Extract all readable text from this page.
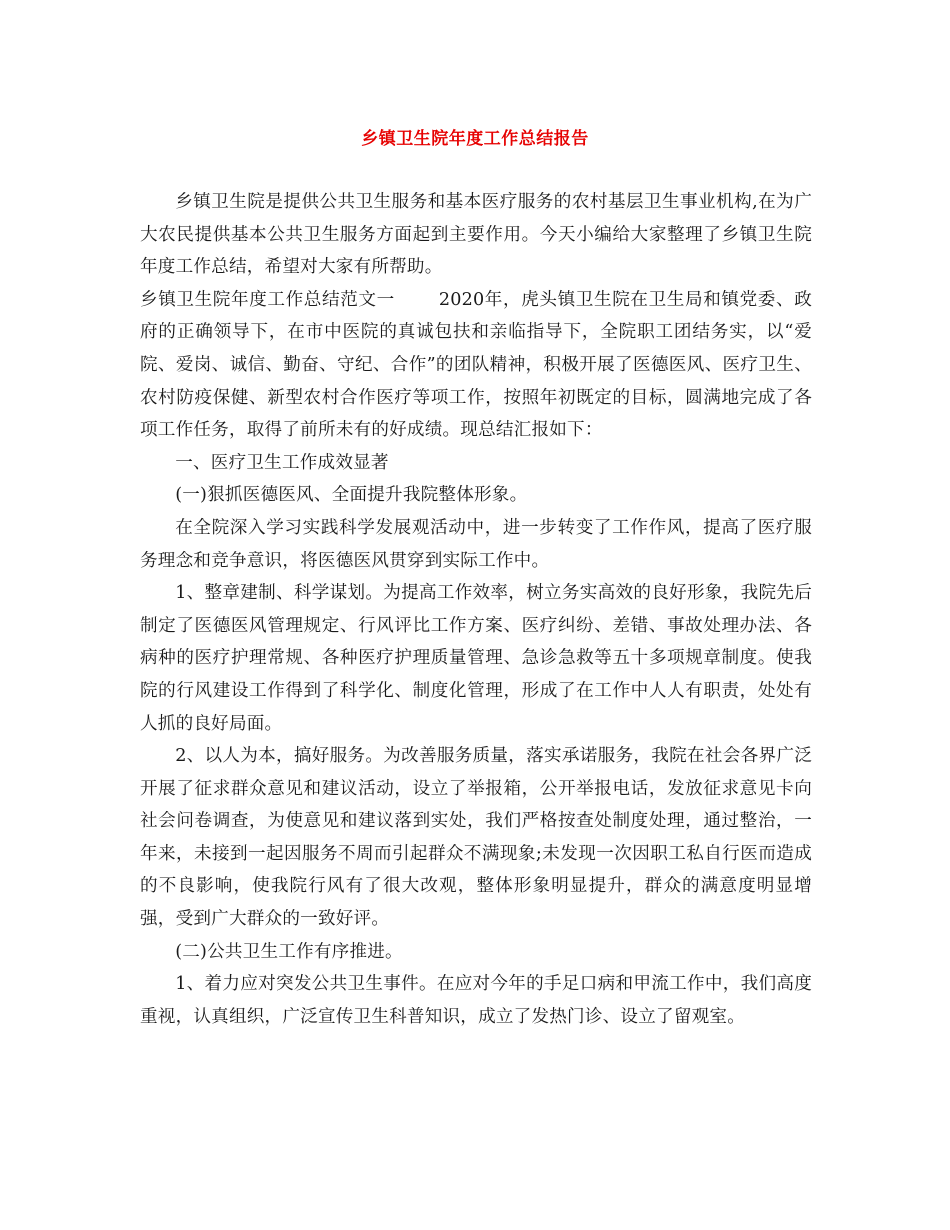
乡镇卫生院年度工作总结报告

乡镇卫生院是提供公共卫生服务和基本医疗服务的农村基层卫生事业机构,在为广大农民提供基本公共卫生服务方面起到主要作用。今天小编给大家整理了乡镇卫生院年度工作总结，希望对大家有所帮助。

乡镇卫生院年度工作总结范文一	2020年，虎头镇卫生院在卫生局和镇党委、政府的正确领导下，在市中医院的真诚包扶和亲临指导下，全院职工团结务实，以“爱院、爱岗、诚信、勤奋、守纪、合作”的团队精神，积极开展了医德医风、医疗卫生、农村防疫保健、新型农村合作医疗等项工作，按照年初既定的目标，圆满地完成了各项工作任务，取得了前所未有的好成绩。现总结汇报如下：

一、医疗卫生工作成效显著

(一)狠抓医德医风、全面提升我院整体形象。

在全院深入学习实践科学发展观活动中，进一步转变了工作作风，提高了医疗服务理念和竞争意识，将医德医风贯穿到实际工作中。

1、整章建制、科学谋划。为提高工作效率，树立务实高效的良好形象，我院先后制定了医德医风管理规定、行风评比工作方案、医疗纠纷、差错、事故处理办法、各病种的医疗护理常规、各种医疗护理质量管理、急诊急救等五十多项规章制度。使我院的行风建设工作得到了科学化、制度化管理，形成了在工作中人人有职责，处处有人抓的良好局面。

2、以人为本，搞好服务。为改善服务质量，落实承诺服务，我院在社会各界广泛开展了征求群众意见和建议活动，设立了举报箱，公开举报电话，发放征求意见卡向社会问卷调查，为使意见和建议落到实处，我们严格按查处制度处理，通过整治，一年来，未接到一起因服务不周而引起群众不满现象;未发现一次因职工私自行医而造成的不良影响，使我院行风有了很大改观，整体形象明显提升，群众的满意度明显增强，受到广大群众的一致好评。

(二)公共卫生工作有序推进。

1、着力应对突发公共卫生事件。在应对今年的手足口病和甲流工作中，我们高度重视，认真组织，广泛宣传卫生科普知识，成立了发热门诊、设立了留观室。
